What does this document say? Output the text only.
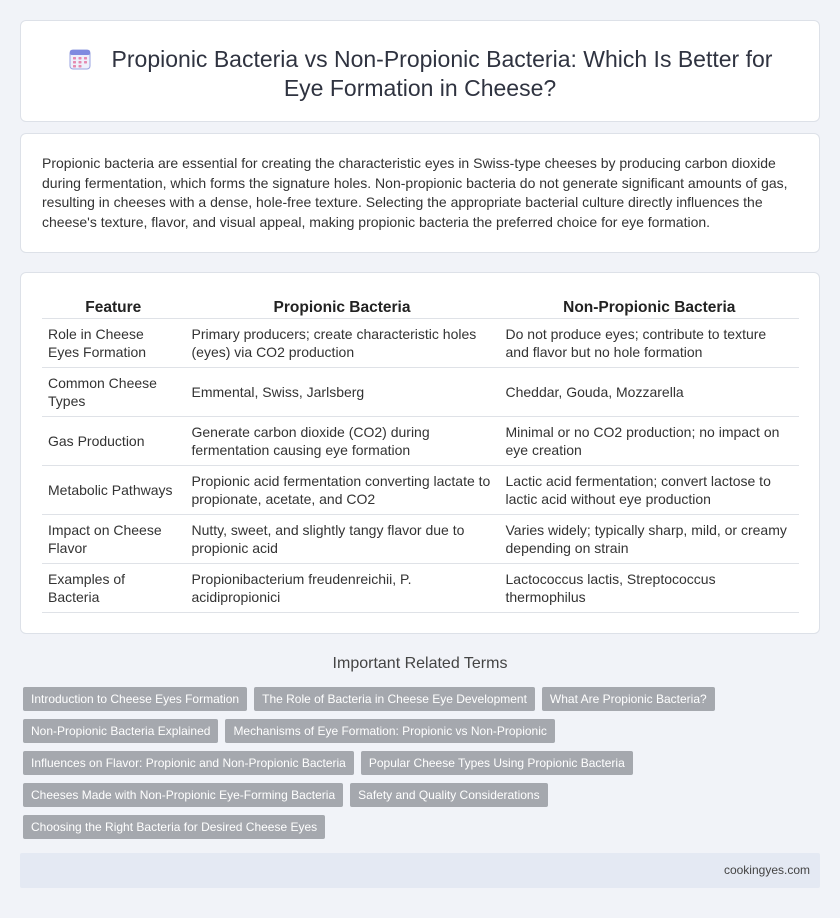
Propionic Bacteria vs Non-Propionic Bacteria: Which Is Better for Eye Formation in Cheese?

Propionic bacteria are essential for creating the characteristic eyes in Swiss-type cheeses by producing carbon dioxide during fermentation, which forms the signature holes. Non-propionic bacteria do not generate significant amounts of gas, resulting in cheeses with a dense, hole-free texture. Selecting the appropriate bacterial culture directly influences the cheese's texture, flavor, and visual appeal, making propionic bacteria the preferred choice for eye formation.

Feature	Propionic Bacteria	Non-Propionic Bacteria
Role in Cheese Eyes Formation	Primary producers; create characteristic holes (eyes) via CO2 production	Do not produce eyes; contribute to texture and flavor but no hole formation
Common Cheese Types	Emmental, Swiss, Jarlsberg	Cheddar, Gouda, Mozzarella
Gas Production	Generate carbon dioxide (CO2) during fermentation causing eye formation	Minimal or no CO2 production; no impact on eye creation
Metabolic Pathways	Propionic acid fermentation converting lactate to propionate, acetate, and CO2	Lactic acid fermentation; convert lactose to lactic acid without eye production
Impact on Cheese Flavor	Nutty, sweet, and slightly tangy flavor due to propionic acid	Varies widely; typically sharp, mild, or creamy depending on strain
Examples of Bacteria	Propionibacterium freudenreichii, P. acidipropionici	Lactococcus lactis, Streptococcus thermophilus
Important Related Terms
Introduction to Cheese Eyes Formation	The Role of Bacteria in Cheese Eye Development	What Are Propionic Bacteria?
Non-Propionic Bacteria Explained	Mechanisms of Eye Formation: Propionic vs Non-Propionic
Influences on Flavor: Propionic and Non-Propionic Bacteria	Popular Cheese Types Using Propionic Bacteria
Cheeses Made with Non-Propionic Eye-Forming Bacteria	Safety and Quality Considerations
Choosing the Right Bacteria for Desired Cheese Eyes
cookingyes.com
